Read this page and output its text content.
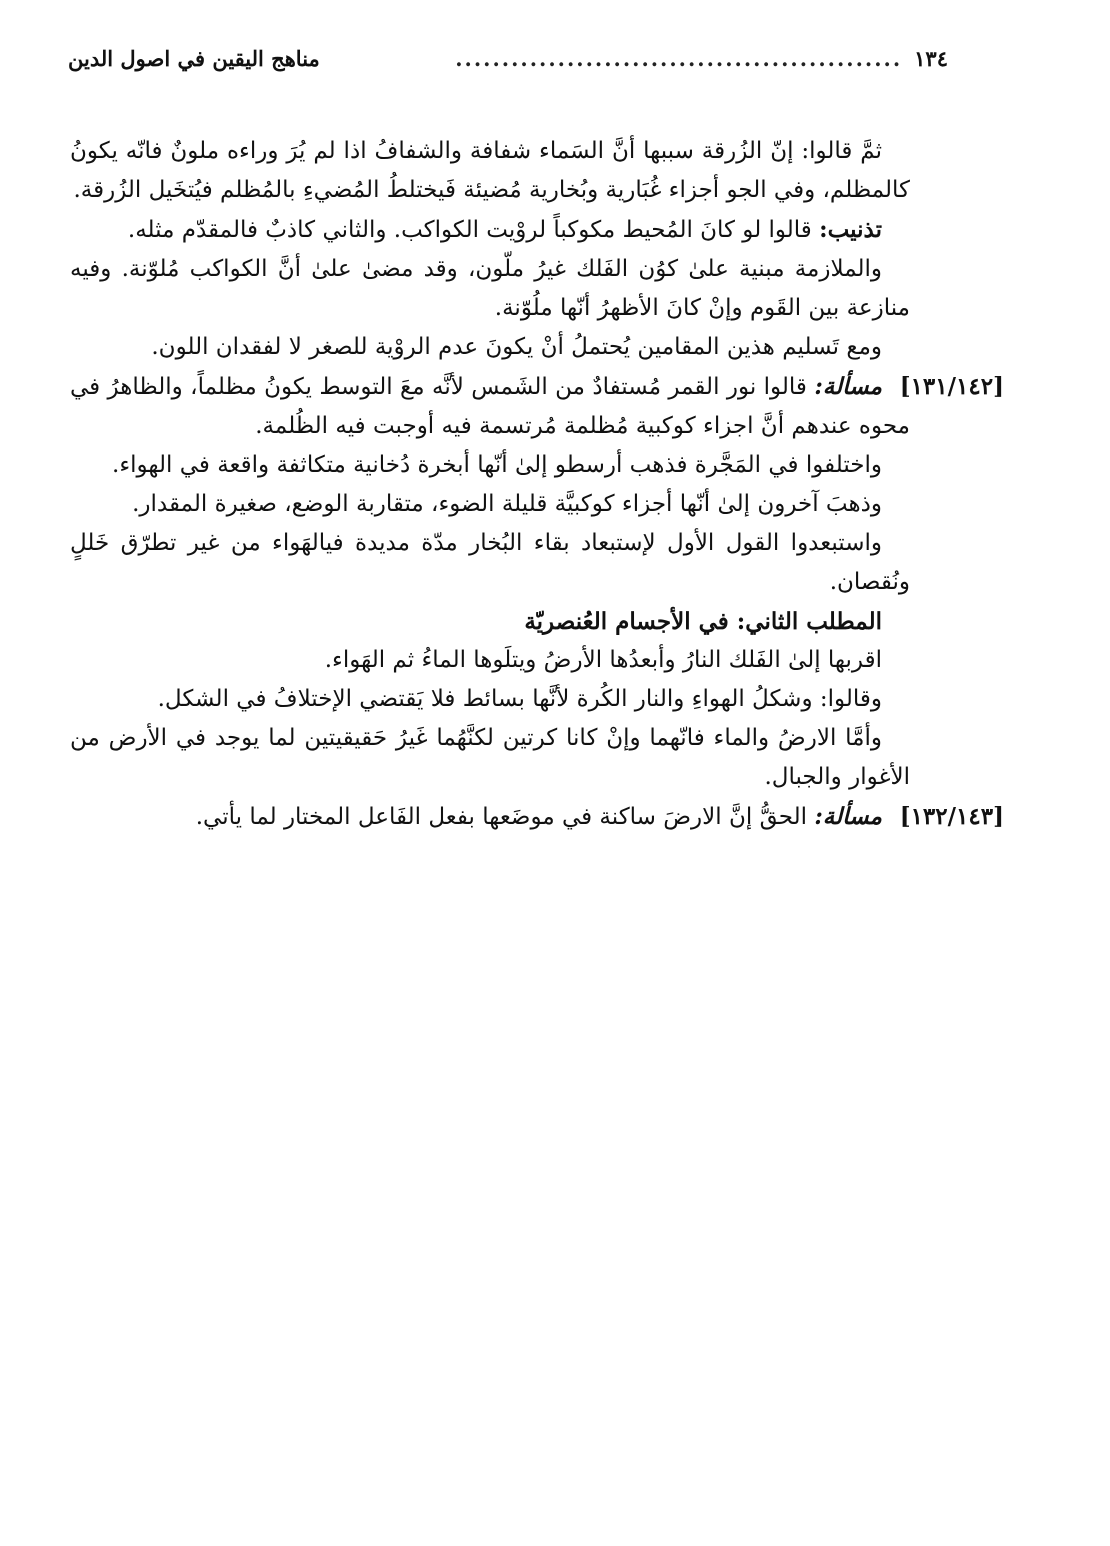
١٣٤
................................................
مناهج اليقين في اصول الدين

ثمَّ قالوا: إنّ الزُرقة سببها أنَّ السَماء شفافة والشفافُ اذا لم يُرَ وراءه ملونٌ فانّه يكونُ كالمظلم، وفي الجو أجزاء غُبَارية وبُخارية مُضيئة فَيختلطُ المُضيءِ بالمُظلم فيُتخَيل الزُرقة.

تذنيب: قالوا لو كانَ المُحيط مكوكباً لروْيت الكواكب. والثاني كاذبٌ فالمقدّم مثله.

والملازمة مبنية علىٰ كوُن الفَلك غيرُ ملّون، وقد مضىٰ علىٰ أنَّ الكواكب مُلوّنة. وفيه منازعة بين القَوم وإنْ كانَ الأظهرُ أنّها ملُوّنة.

ومع تَسليم هذين المقامين يُحتملُ أنْ يكونَ عدم الروْية للصغر لا لفقدان اللون.

[١٣١/١٤٢]
مسألة: قالوا نور القمر مُستفادٌ من الشَمس لأنَّه معَ التوسط يكونُ مظلماً، والظاهرُ في محوه عندهم أنَّ اجزاء كوكبية مُظلمة مُرتسمة فيه أوجبت فيه الظُلمة.

واختلفوا في المَجَّرة فذهب أرسطو إلىٰ أنّها أبخرة دُخانية متكاثفة واقعة في الهواء.

وذهبَ آخرون إلىٰ أنّها أجزاء كوكبيَّة قليلة الضوء، متقاربة الوضع، صغيرة المقدار.

واستبعدوا القول الأول لإستبعاد بقاء البُخار مدّة مديدة فيالهَواء من غير تطرّق خَللٍ ونُقصان.

المطلب الثاني: في الأجسام العُنصريّة

اقربها إلىٰ الفَلك النارُ وأبعدُها الأرضُ ويتلَوها الماءُ ثم الهَواء.

وقالوا: وشكلُ الهواءِ والنار الكُرة لأنَّها بسائط فلا يَقتضي الإختلافُ في الشكل.

وأمَّا الارضُ والماء فانّهما وإنْ كانا كرتين لكنَّهُما غَيرُ حَقيقيتين لما يوجد في الأرض من الأغوار والجبال.

[١٣٢/١٤٣]
مسألة: الحقُّ إنَّ الارضَ ساكنة في موضَعها بفعل الفَاعل المختار لما يأتي.
